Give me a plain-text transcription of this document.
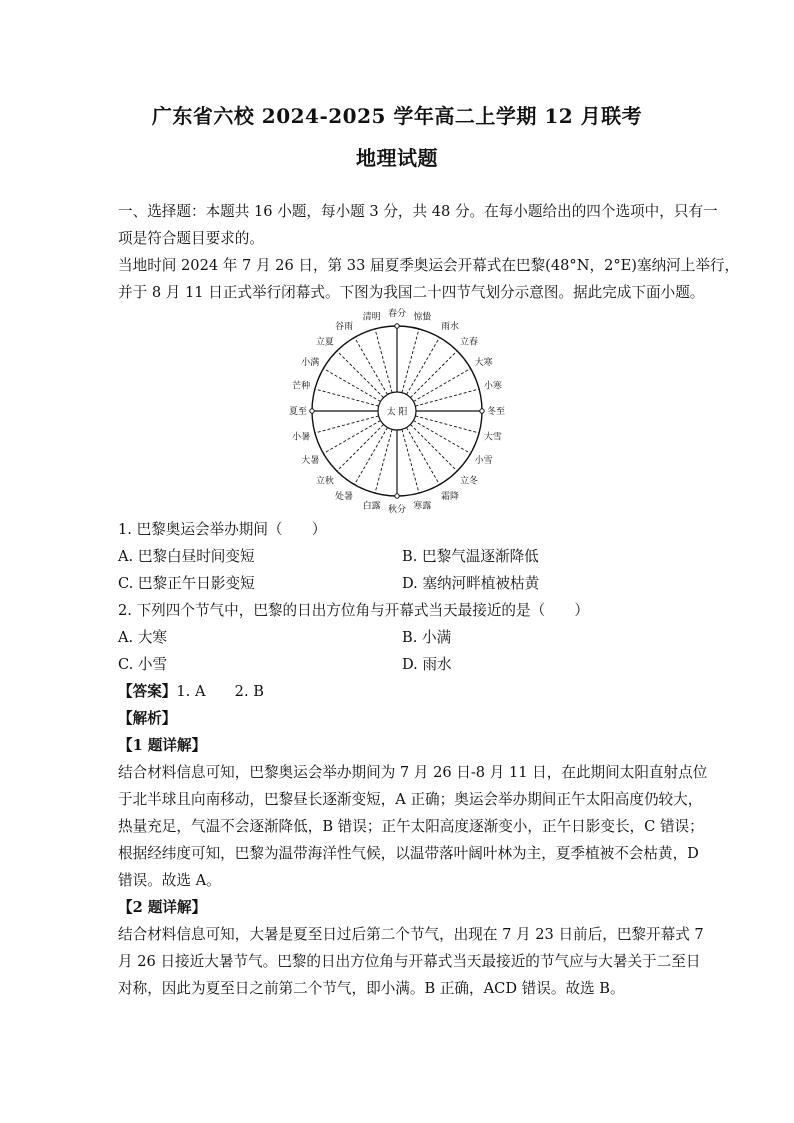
广东省六校 2024-2025 学年高二上学期 12 月联考
地理试题
一、选择题：本题共 16 小题，每小题 3 分，共 48 分。在每小题给出的四个选项中，只有一
项是符合题目要求的。
当地时间 2024 年 7 月 26 日，第 33 届夏季奥运会开幕式在巴黎(48°N，2°E)塞纳河上举行，
并于 8 月 11 日正式举行闭幕式。下图为我国二十四节气划分示意图。据此完成下面小题。
春分 惊蛰
雨水
立春
大寒
小寒
冬至
大雪
小雪
立冬
霜降
寒露
秋分
白露
处暑
立秋
大暑
小暑
夏至
芒种
小满
立夏
谷雨
清明
太 阳
1. 巴黎奥运会举办期间（　　）
A. 巴黎白昼时间变短	B. 巴黎气温逐渐降低
C. 巴黎正午日影变短	D. 塞纳河畔植被枯黄
2. 下列四个节气中，巴黎的日出方位角与开幕式当天最接近的是（　　）
A. 大寒	B. 小满
C. 小雪	D. 雨水
【答案】1. A　　2. B
【解析】
【1 题详解】
结合材料信息可知，巴黎奥运会举办期间为 7 月 26 日-8 月 11 日，在此期间太阳直射点位
于北半球且向南移动，巴黎昼长逐渐变短，A 正确；奥运会举办期间正午太阳高度仍较大，
热量充足，气温不会逐渐降低，B 错误；正午太阳高度逐渐变小，正午日影变长，C 错误；
根据经纬度可知，巴黎为温带海洋性气候，以温带落叶阔叶林为主，夏季植被不会枯黄，D
错误。故选 A。
【2 题详解】
结合材料信息可知，大暑是夏至日过后第二个节气，出现在 7 月 23 日前后，巴黎开幕式 7
月 26 日接近大暑节气。巴黎的日出方位角与开幕式当天最接近的节气应与大暑关于二至日
对称，因此为夏至日之前第二个节气，即小满。B 正确，ACD 错误。故选 B。
